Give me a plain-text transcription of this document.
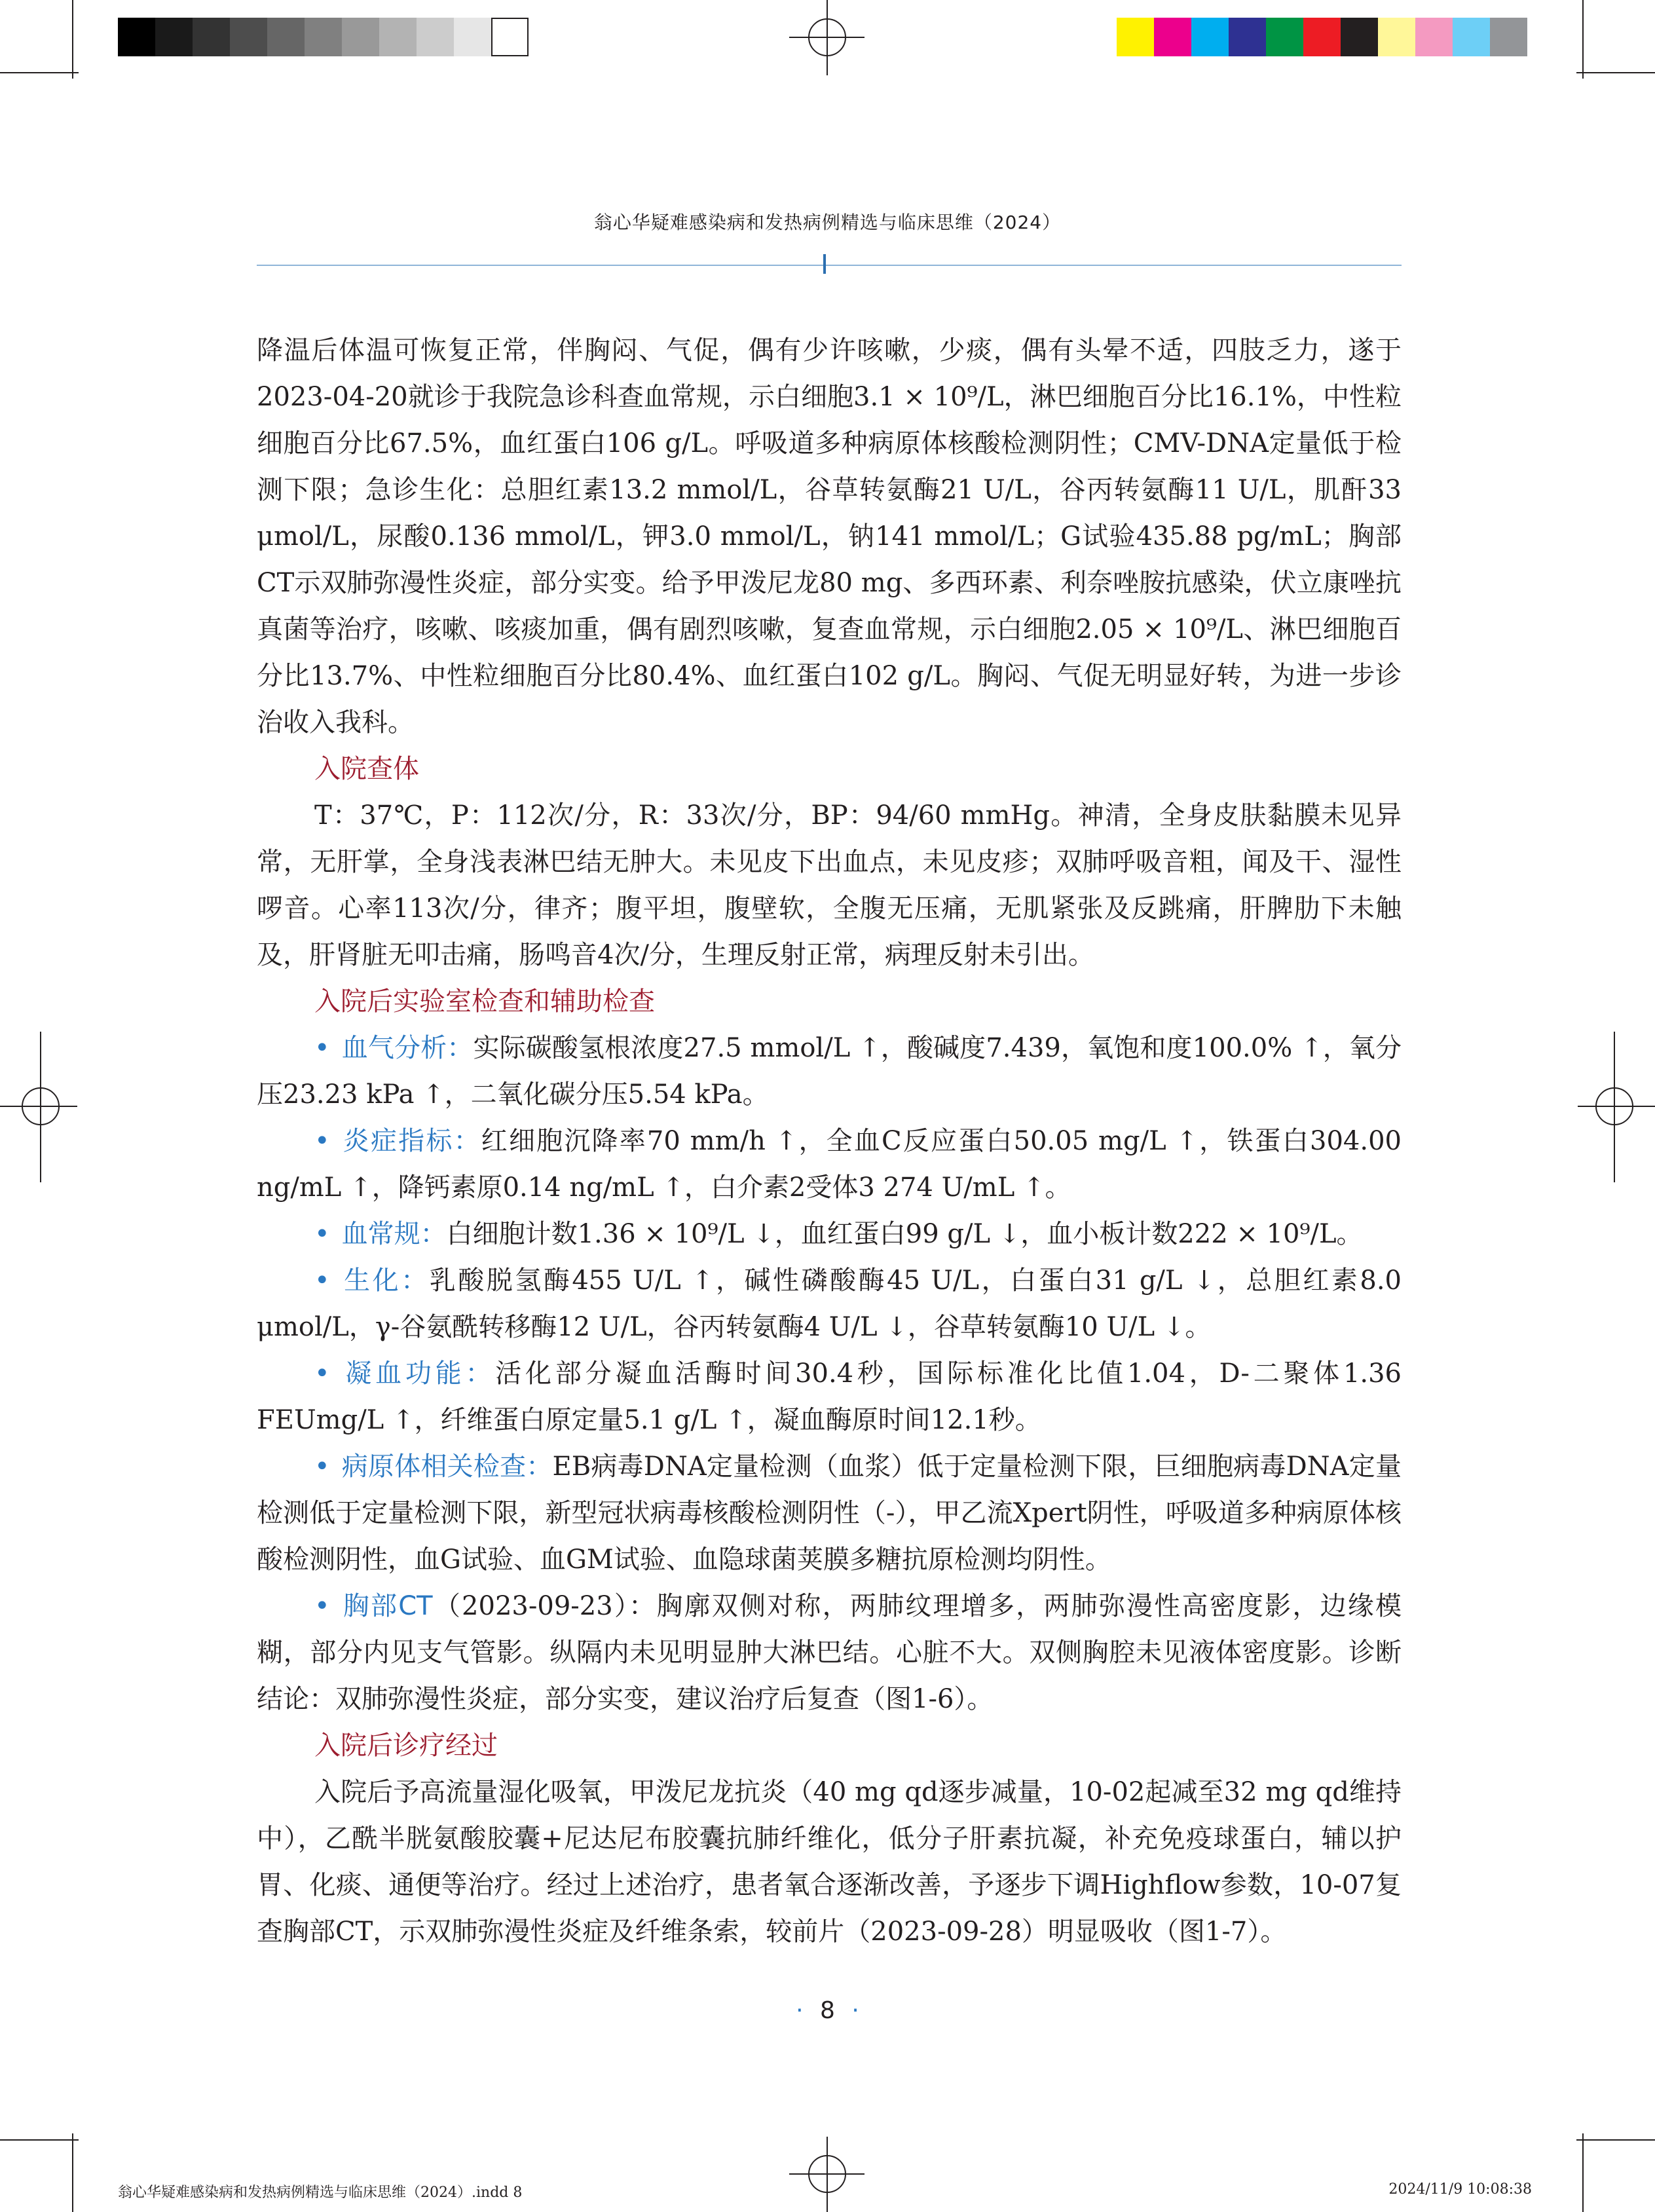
翁心华疑难感染病和发热病例精选与临床思维（2024）

降温后体温可恢复正常，伴胸闷、气促，偶有少许咳嗽，少痰，偶有头晕不适，四肢乏力，遂于2023-04-20就诊于我院急诊科查血常规，示白细胞3.1 × 10⁹/L，淋巴细胞百分比16.1%，中性粒细胞百分比67.5%，血红蛋白106 g/L。呼吸道多种病原体核酸检测阴性；CMV-DNA定量低于检测下限；急诊生化：总胆红素13.2 mmol/L，谷草转氨酶21 U/L，谷丙转氨酶11 U/L，肌酐33 μmol/L，尿酸0.136 mmol/L，钾3.0 mmol/L，钠141 mmol/L；G试验435.88 pg/mL；胸部CT示双肺弥漫性炎症，部分实变。给予甲泼尼龙80 mg、多西环素、利奈唑胺抗感染，伏立康唑抗真菌等治疗，咳嗽、咳痰加重，偶有剧烈咳嗽，复查血常规，示白细胞2.05 × 10⁹/L、淋巴细胞百分比13.7%、中性粒细胞百分比80.4%、血红蛋白102 g/L。胸闷、气促无明显好转，为进一步诊治收入我科。

入院查体

T：37℃，P：112次/分，R：33次/分，BP：94/60 mmHg。神清，全身皮肤黏膜未见异常，无肝掌，全身浅表淋巴结无肿大。未见皮下出血点，未见皮疹；双肺呼吸音粗，闻及干、湿性啰音。心率113次/分，律齐；腹平坦，腹壁软，全腹无压痛，无肌紧张及反跳痛，肝脾肋下未触及，肝肾脏无叩击痛，肠鸣音4次/分，生理反射正常，病理反射未引出。

入院后实验室检查和辅助检查

• 血气分析：实际碳酸氢根浓度27.5 mmol/L ↑，酸碱度7.439，氧饱和度100.0% ↑，氧分压23.23 kPa ↑，二氧化碳分压5.54 kPa。

• 炎症指标：红细胞沉降率70 mm/h ↑，全血C反应蛋白50.05 mg/L ↑，铁蛋白304.00 ng/mL ↑，降钙素原0.14 ng/mL ↑，白介素2受体3 274 U/mL ↑。

• 血常规：白细胞计数1.36 × 10⁹/L ↓，血红蛋白99 g/L ↓，血小板计数222 × 10⁹/L。

• 生化：乳酸脱氢酶455 U/L ↑，碱性磷酸酶45 U/L，白蛋白31 g/L ↓，总胆红素8.0 μmol/L，γ-谷氨酰转移酶12 U/L，谷丙转氨酶4 U/L ↓，谷草转氨酶10 U/L ↓。

• 凝血功能：活化部分凝血活酶时间30.4秒，国际标准化比值1.04，D-二聚体1.36 FEUmg/L ↑，纤维蛋白原定量5.1 g/L ↑，凝血酶原时间12.1秒。

• 病原体相关检查：EB病毒DNA定量检测（血浆）低于定量检测下限，巨细胞病毒DNA定量检测低于定量检测下限，新型冠状病毒核酸检测阴性（-），甲乙流Xpert阴性，呼吸道多种病原体核酸检测阴性，血G试验、血GM试验、血隐球菌荚膜多糖抗原检测均阴性。

• 胸部CT（2023-09-23）：胸廓双侧对称，两肺纹理增多，两肺弥漫性高密度影，边缘模糊，部分内见支气管影。纵隔内未见明显肿大淋巴结。心脏不大。双侧胸腔未见液体密度影。诊断结论：双肺弥漫性炎症，部分实变，建议治疗后复查（图1-6）。

入院后诊疗经过

入院后予高流量湿化吸氧，甲泼尼龙抗炎（40 mg qd逐步减量，10-02起减至32 mg qd维持中），乙酰半胱氨酸胶囊+尼达尼布胶囊抗肺纤维化，低分子肝素抗凝，补充免疫球蛋白，辅以护胃、化痰、通便等治疗。经过上述治疗，患者氧合逐渐改善，予逐步下调Highflow参数，10-07复查胸部CT，示双肺弥漫性炎症及纤维条索，较前片（2023-09-28）明显吸收（图1-7）。

· 8 ·
翁心华疑难感染病和发热病例精选与临床思维（2024）.indd 8	2024/11/9 10:08:38
